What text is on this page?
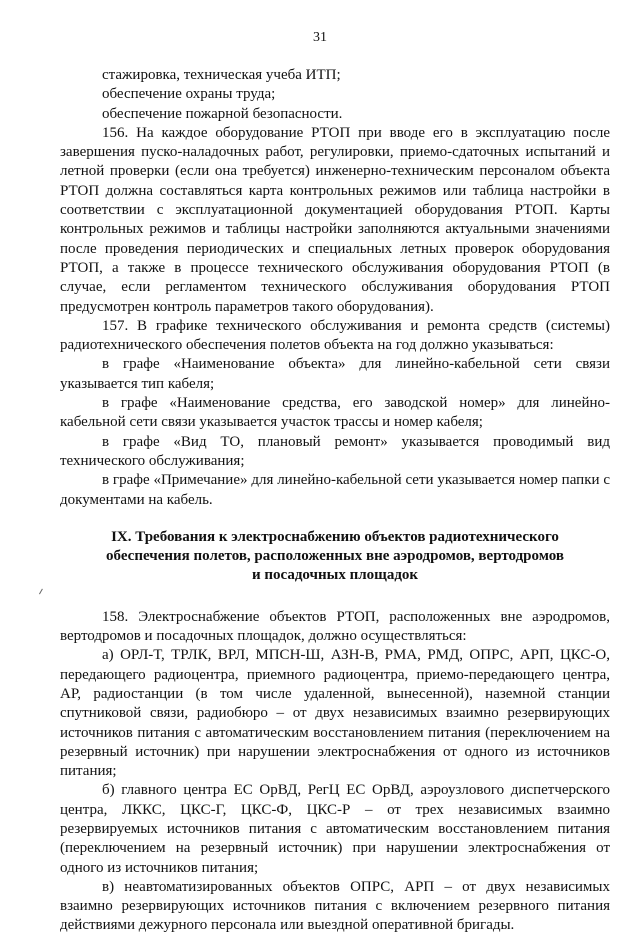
31

стажировка, техническая учеба ИТП;

обеспечение охраны труда;

обеспечение пожарной безопасности.

156. На каждое оборудование РТОП при вводе его в эксплуатацию после завершения пуско-наладочных работ, регулировки, приемо-сдаточных испытаний и летной проверки (если она требуется) инженерно-техническим персоналом объекта РТОП должна составляться карта контрольных режимов или таблица настройки в соответствии с эксплуатационной документацией оборудования РТОП. Карты контрольных режимов и таблицы настройки заполняются актуальными значениями после проведения периодических и специальных летных проверок оборудования РТОП, а также в процессе технического обслуживания оборудования РТОП (в случае, если регламентом технического обслуживания оборудования РТОП предусмотрен контроль параметров такого оборудования).

157. В графике технического обслуживания и ремонта средств (системы) радиотехнического обеспечения полетов объекта на год должно указываться:

в графе «Наименование объекта» для линейно-кабельной сети связи указывается тип кабеля;

в графе «Наименование средства, его заводской номер» для линейно-кабельной сети связи указывается участок трассы и номер кабеля;

в графе «Вид ТО, плановый ремонт» указывается проводимый вид технического обслуживания;

в графе «Примечание» для линейно-кабельной сети указывается номер папки с документами на кабель.

IX. Требования к электроснабжению объектов радиотехнического обеспечения полетов, расположенных вне аэродромов, вертодромов и посадочных площадок

158. Электроснабжение объектов РТОП, расположенных вне аэродромов, вертодромов и посадочных площадок, должно осуществляться:

а) ОРЛ-Т, ТРЛК, ВРЛ, МПСН-Ш, АЗН-В, РМА, РМД, ОПРС, АРП, ЦКС-О, передающего радиоцентра, приемного радиоцентра, приемо-передающего центра, АР, радиостанции (в том числе удаленной, вынесенной), наземной станции спутниковой связи, радиобюро – от двух независимых взаимно резервирующих источников питания с автоматическим восстановлением питания (переключением на резервный источник) при нарушении электроснабжения от одного из источников питания;

б) главного центра ЕС ОрВД, РегЦ ЕС ОрВД, аэроузлового диспетчерского центра, ЛККС, ЦКС-Г, ЦКС-Ф, ЦКС-Р – от трех независимых взаимно резервируемых источников питания с автоматическим восстановлением питания (переключением на резервный источник) при нарушении электроснабжения от одного из источников питания;

в) неавтоматизированных объектов ОПРС, АРП – от двух независимых взаимно резервирующих источников питания с включением резервного питания действиями дежурного персонала или выездной оперативной бригады.
